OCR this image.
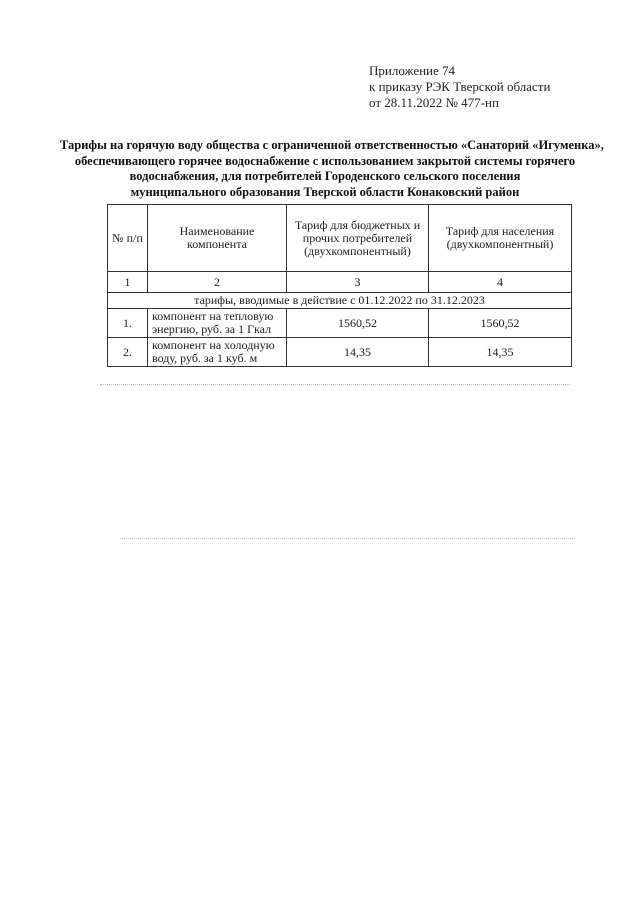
Приложение 74
к приказу РЭК Тверской области
от 28.11.2022 № 477-нп
Тарифы на горячую воду общества с ограниченной ответственностью «Санаторий «Игуменка»,
обеспечивающего горячее водоснабжение с использованием закрытой системы горячего
водоснабжения, для потребителей Городенского сельского поселения
муниципального образования Тверской области Конаковский район
№ п/п	Наименование компонента	Тариф для бюджетных и прочих потребителей (двухкомпонентный)	Тариф для населения (двухкомпонентный)
1	2	3	4
тарифы, вводимые в действие с 01.12.2022 по 31.12.2023			
1.	компонент на тепловую энергию, руб. за 1 Гкал	1560,52	1560,52
2.	компонент на холодную воду, руб. за 1 куб. м	14,35	14,35
